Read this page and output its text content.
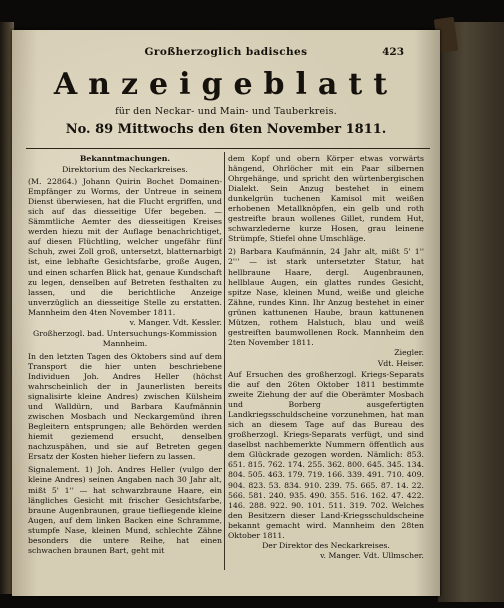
Großherzoglich badisches	423
Anzeigeblatt
für den Neckar- und Main- und Tauberkreis.
No. 89 Mittwochs den 6ten November 1811.

Bekanntmachungen.

Direktorium des Neckarkreises.

(M. 22864.) Johann Quirin Bochet Domainen-Empfänger zu Worms, der Untreue in seinem Dienst überwiesen, hat die Flucht ergriffen, und sich auf das diesseitige Ufer begeben. — Sämmtliche Aemter des diesseitigen Kreises werden hiezu mit der Auflage benachrichtiget, auf diesen Flüchtling, welcher ungefähr fünf Schuh, zwei Zoll groß, untersetzt, blatternarbigt ist, eine lebhafte Gesichtsfarbe, große Augen, und einen scharfen Blick hat, genaue Kundschaft zu legen, denselben auf Betreten festhalten zu lassen, und die berichtliche Anzeige unverzüglich an diesseitige Stelle zu erstatten. Mannheim den 4ten November 1811.

v. Manger. Vdt. Kessler.

Großherzogl. bad. Untersuchungs-Kommission Mannheim.

In den letzten Tagen des Oktobers sind auf dem Transport die hier unten beschriebene Individuen Joh. Andres Heller (höchst wahrscheinlich der in Jaunerlisten bereits signalisirte kleine Andres) zwischen Külsheim und Walldürn, und Barbara Kaufmännin zwischen Mosbach und Neckargemünd ihren Begleitern entsprungen; alle Behörden werden hiemit geziemend ersucht, denselben nachzuspähen, und sie auf Betreten gegen Ersatz der Kosten hieher liefern zu lassen.

Signalement. 1) Joh. Andres Heller (vulgo der kleine Andres) seinen Angaben nach 30 Jahr alt, mißt 5' 1'' — hat schwarzbraune Haare, ein längliches Gesicht mit frischer Gesichtsfarbe, braune Augenbraunen, graue tiefliegende kleine Augen, auf dem linken Backen eine Schramme, stumpfe Nase, kleinen Mund, schlechte Zähne besonders die untere Reihe, hat einen schwachen braunen Bart, geht mit

dem Kopf und obern Körper etwas vorwärts hängend, Ohrlöcher mit ein Paar silbernen Ohrgehänge, und spricht den würtenbergischen Dialekt. Sein Anzug bestehet in einem dunkelgrün tuchenen Kamisol mit weißen erhobenen Metallknöpfen, ein gelb und roth gestreifte braun wollenes Gillet, rundem Hut, schwarzlederne kurze Hosen, grau leinene Strümpfe, Stiefel ohne Umschläge.

2) Barbara Kaufmännin, 24 Jahr alt, mißt 5' 1'' 2''' — ist stark untersetzter Statur, hat hellbraune Haare, dergl. Augenbraunen, hellblaue Augen, ein glattes rundes Gesicht, spitze Nase, kleinen Mund, weiße und gleiche Zähne, rundes Kinn. Ihr Anzug bestehet in einer grünen kattunenen Haube, braun kattunenen Mützen, rothem Halstuch, blau und weiß gestreiften baumwollenen Rock. Mannheim den 2ten November 1811.

Ziegler.

Vdt. Heiser.

Auf Ersuchen des großherzogl. Kriegs-Separats die auf den 26ten Oktober 1811 bestimmte zweite Ziehung der auf die Oberämter Mosbach und Borberg ausgefertigten Landkriegsschuldscheine vorzunehmen, hat man sich an diesem Tage auf das Bureau des großherzogl. Kriegs-Separats verfügt, und sind daselbst nachbemerkte Nummern öffentlich aus dem Glückrade gezogen worden. Nämlich: 853. 651. 815. 762. 174. 255. 362. 800. 645. 345. 134. 804. 505. 463. 179. 719. 166. 339. 491. 710. 409. 904. 823. 53. 834. 910. 239. 75. 665. 87. 14. 22. 566. 581. 240. 935. 490. 355. 516. 162. 47. 422. 146. 288. 922. 90. 101. 511. 319. 702. Welches den Besitzern dieser Land-Kriegsschuldscheine bekannt gemacht wird. Mannheim den 28ten Oktober 1811.

Der Direktor des Neckarkreises.

v. Manger. Vdt. Ullmscher.
